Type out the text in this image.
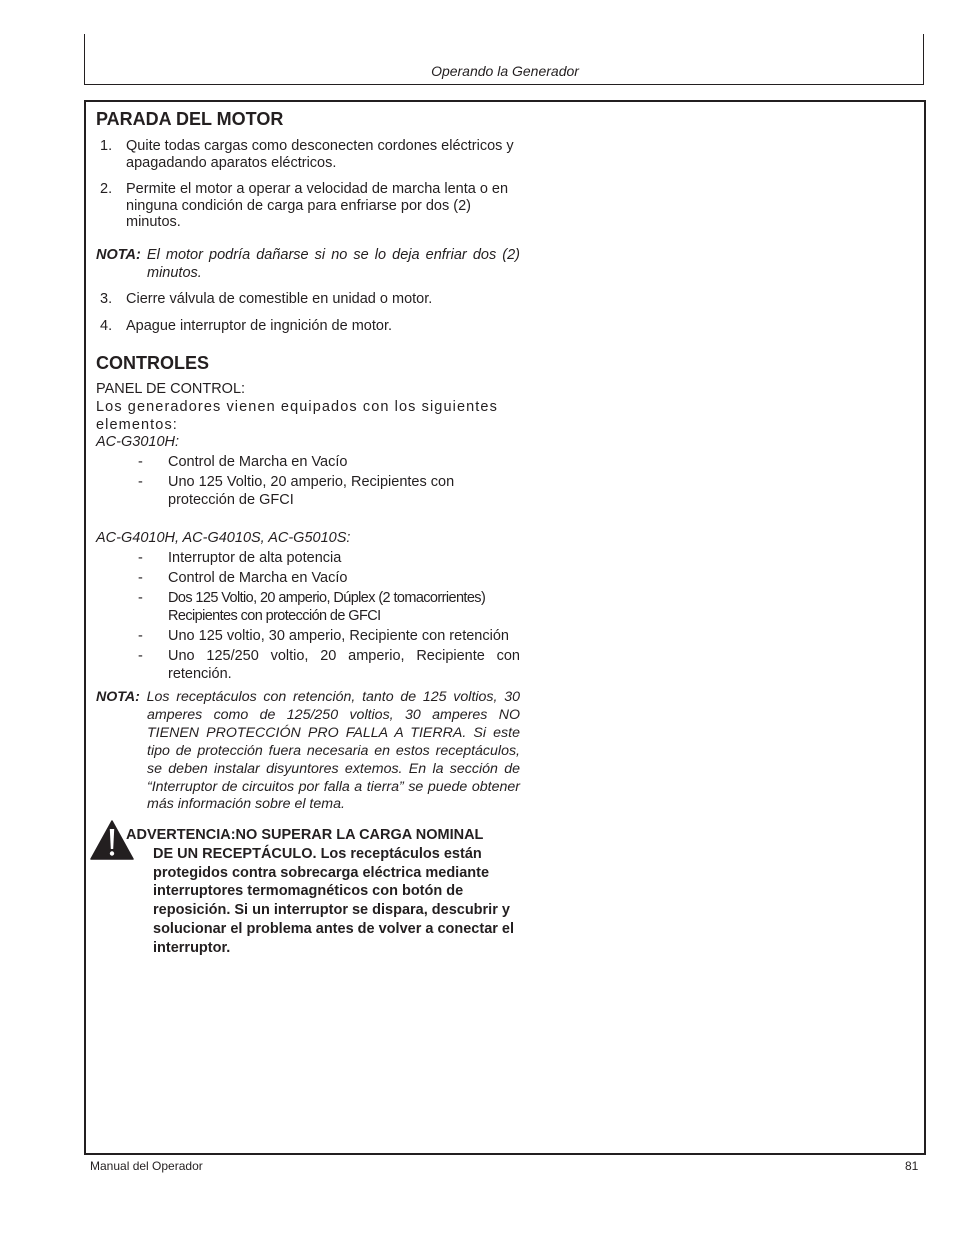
Operando la Generador
PARADA DEL MOTOR
1. Quite todas cargas como desconecten cordones eléctricos y apagadando aparatos eléctricos.
2. Permite el motor a operar a velocidad de marcha lenta o en ninguna condición de carga para enfriarse por dos (2) minutos.
NOTA: El motor podría dañarse si no se lo deja enfriar dos (2) minutos.
3. Cierre válvula de comestible en unidad o motor.
4. Apague interruptor de ingnición de motor.
CONTROLES
PANEL DE CONTROL:
Los generadores vienen equipados con los siguientes elementos:
AC-G3010H:
- Control de Marcha en Vacío
- Uno 125 Voltio, 20 amperio, Recipientes con protección de GFCI
AC-G4010H, AC-G4010S, AC-G5010S:
- Interruptor de alta potencia
- Control de Marcha en Vacío
- Dos 125 Voltio, 20 amperio, Dúplex (2 tomacorrientes) Recipientes con protección de GFCI
- Uno 125 voltio, 30 amperio, Recipiente con retención
- Uno 125/250 voltio, 20 amperio, Recipiente con retención.
NOTA: Los receptáculos con retención, tanto de 125 voltios, 30 amperes como de 125/250 voltios, 30 amperes NO TIENEN PROTECCIÓN PRO FALLA A TIERRA. Si este tipo de protección fuera necesaria en estos receptáculos, se deben instalar disyuntores extemos. En la sección de “Interruptor de circuitos por falla a tierra” se puede obtener más información sobre el tema.
ADVERTENCIA:NO SUPERAR LA CARGA NOMINAL
DE UN RECEPTÁCULO. Los receptáculos están protegidos contra sobrecarga eléctrica mediante interruptores termomagnéticos con botón de reposición. Si un interruptor se dispara, descubrir y solucionar el problema antes de volver a conectar el interruptor.
Manual del Operador	81
